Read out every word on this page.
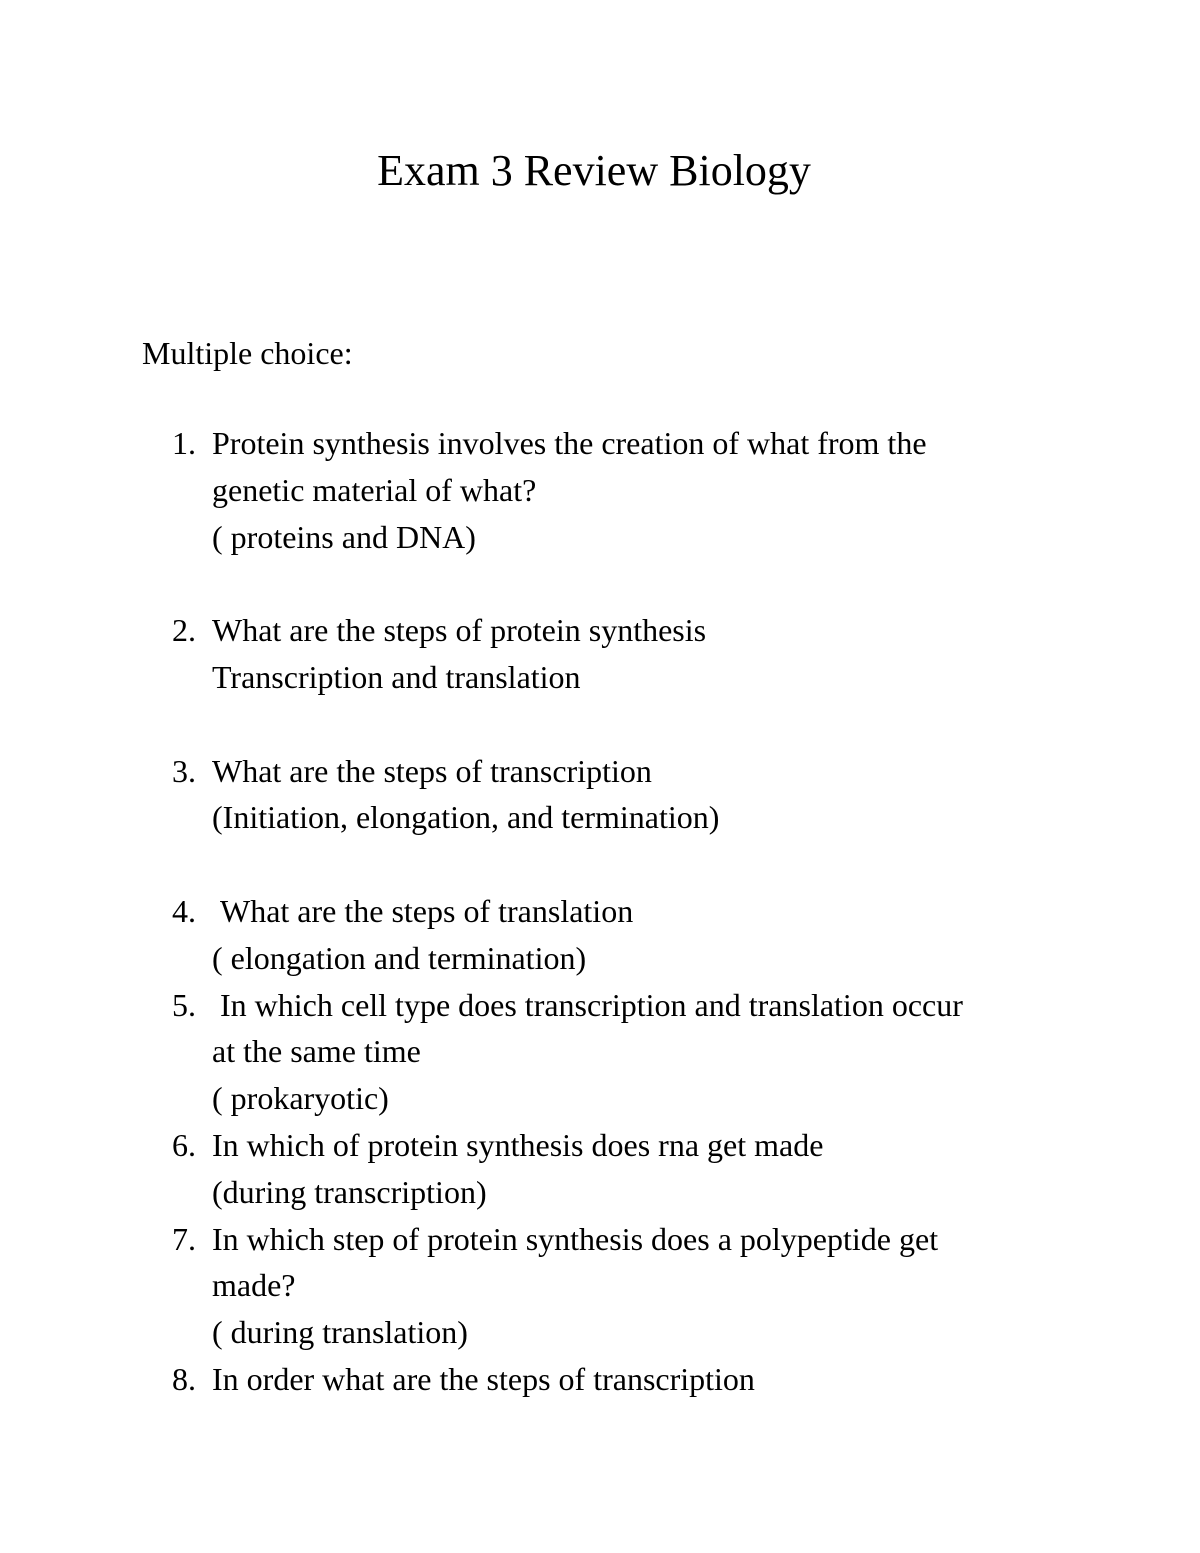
Exam 3 Review Biology
Multiple choice:
1. Protein synthesis involves the creation of what from the

genetic material of what?

( proteins and DNA)

2. What are the steps of protein synthesis

Transcription and translation

3. What are the steps of transcription

(Initiation, elongation, and termination)

4. What are the steps of translation

( elongation and termination)

5. In which cell type does transcription and translation occur

at the same time

( prokaryotic)

6. In which of protein synthesis does rna get made

(during transcription)

7. In which step of protein synthesis does a polypeptide get

made?

( during translation)

8. In order what are the steps of transcription
